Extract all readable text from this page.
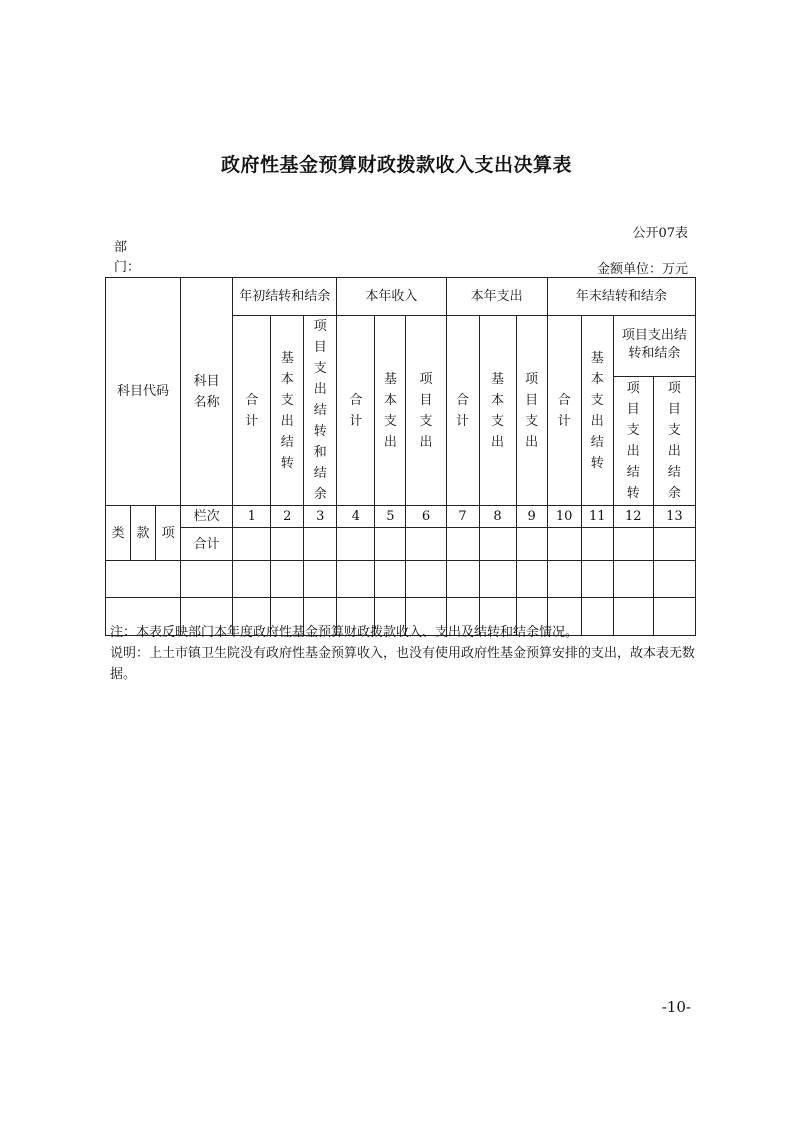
政府性基金预算财政拨款收入支出决算表
公开07表
部门：	金额单位：万元
科目代码			科目名称	年初结转和结余			本年收入			本年支出			年末结转和结余			
				合计	基本支出结转	项目支出结转和结余	合计	基本支出	项目支出	合计	基本支出	项目支出	合计	基本支出结转	项目支出结转和结余	
															项目支出结转	项目支出结余
类	款	项	栏次	1	2	3	4	5	6	7	8	9	10	11	12	13
			合计													

注：本表反映部门本年度政府性基金预算财政拨款收入、支出及结转和结余情况。
说明：上土市镇卫生院没有政府性基金预算收入，也没有使用政府性基金预算安排的支出，故本表无数据。
-10-
